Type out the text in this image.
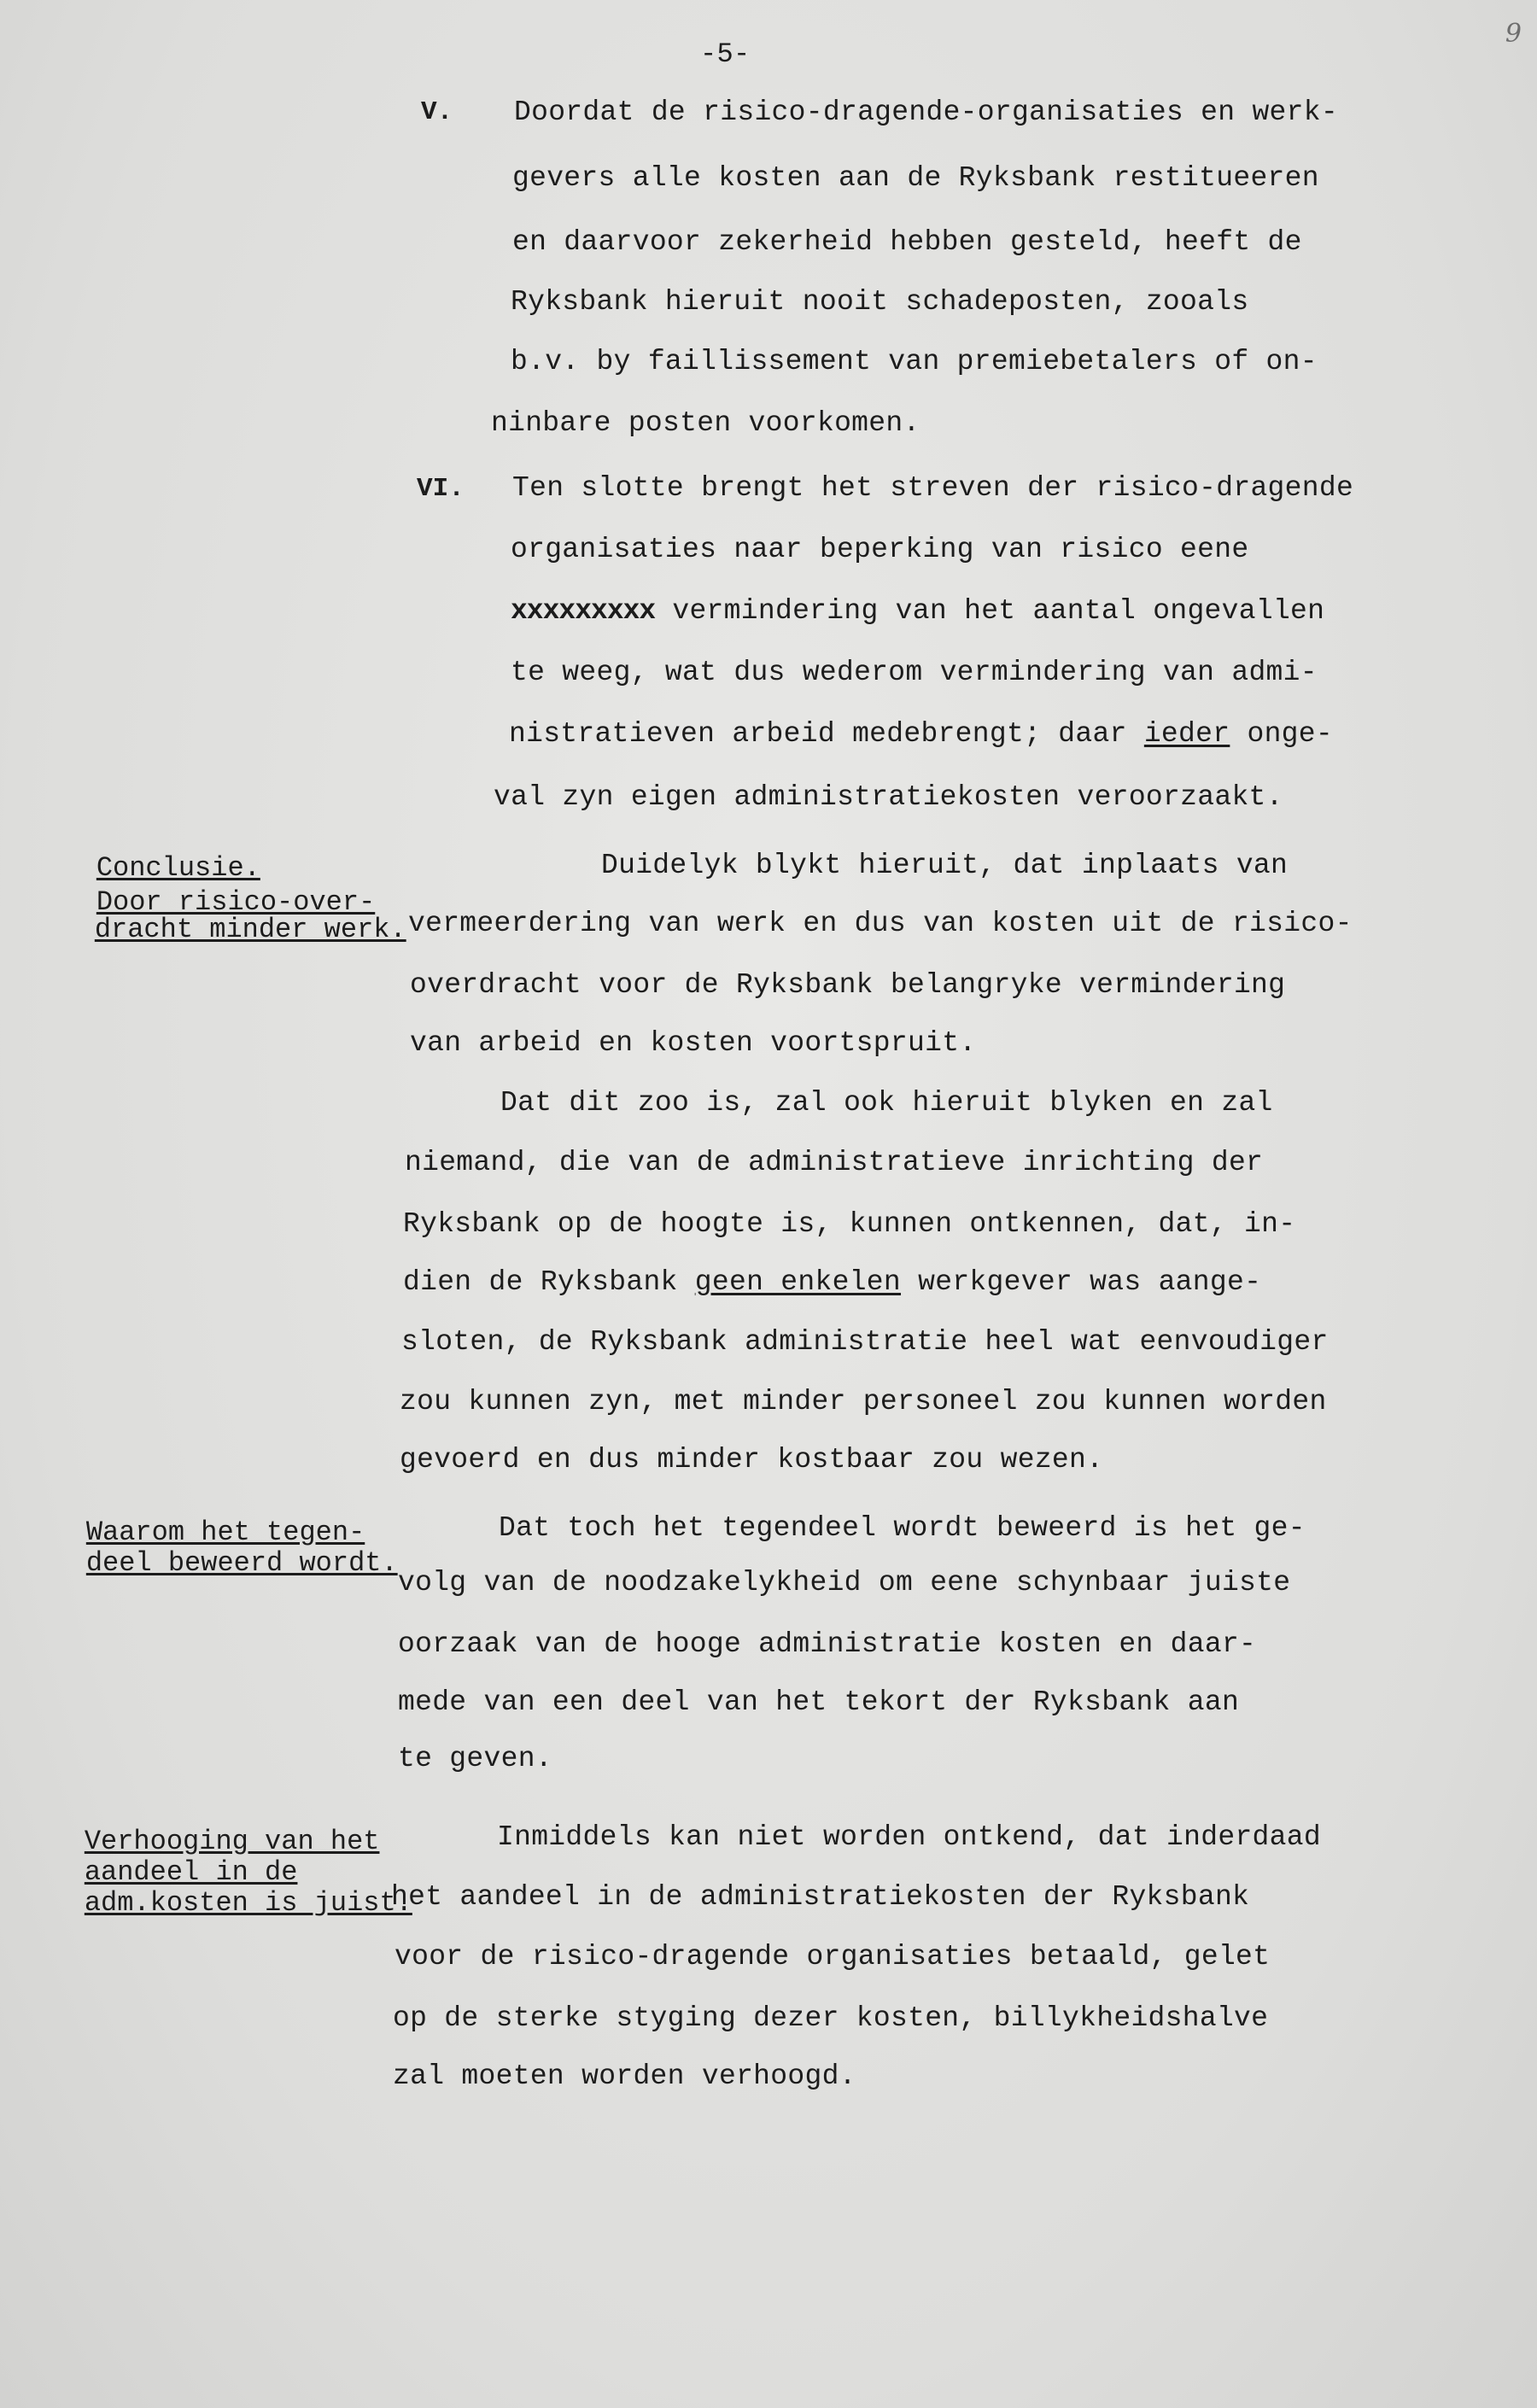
9
-5-
V. Doordat de risico-dragende-organisaties en werk-
gevers alle kosten aan de Ryksbank restitueeren
en daarvoor zekerheid hebben gesteld, heeft de
Ryksbank hieruit nooit schadeposten, zooals
b.v. by faillissement van premiebetalers of on-
ninbare posten voorkomen.
VI. Ten slotte brengt het streven der risico-dragende
organisaties naar beperking van risico eene
xxxxxxxxx vermindering van het aantal ongevallen
te weeg, wat dus wederom vermindering van admi-
nistratieven arbeid medebrengt; daar ieder onge-
val zyn eigen administratiekosten veroorzaakt.

Conclusie.

Door risico-over-

dracht minder werk.

Duidelyk blykt hieruit, dat inplaats van
vermeerdering van werk en dus van kosten uit de risico-
overdracht voor de Ryksbank belangryke vermindering
van arbeid en kosten voortspruit.
Dat dit zoo is, zal ook hieruit blyken en zal
niemand, die van de administratieve inrichting der
Ryksbank op de hoogte is, kunnen ontkennen, dat, in-
dien de Ryksbank geen enkelen werkgever was aange-
sloten, de Ryksbank administratie heel wat eenvoudiger
zou kunnen zyn, met minder personeel zou kunnen worden
gevoerd en dus minder kostbaar zou wezen.

Waarom het tegen-

deel beweerd wordt.

Dat toch het tegendeel wordt beweerd is het ge-
volg van de noodzakelykheid om eene schynbaar juiste
oorzaak van de hooge administratie kosten en daar-
mede van een deel van het tekort der Ryksbank aan
te geven.

Verhooging van het

aandeel in de

adm.kosten is juist.

Inmiddels kan niet worden ontkend, dat inderdaad
het aandeel in de administratiekosten der Ryksbank
voor de risico-dragende organisaties betaald, gelet
op de sterke styging dezer kosten, billykheidshalve
zal moeten worden verhoogd.
